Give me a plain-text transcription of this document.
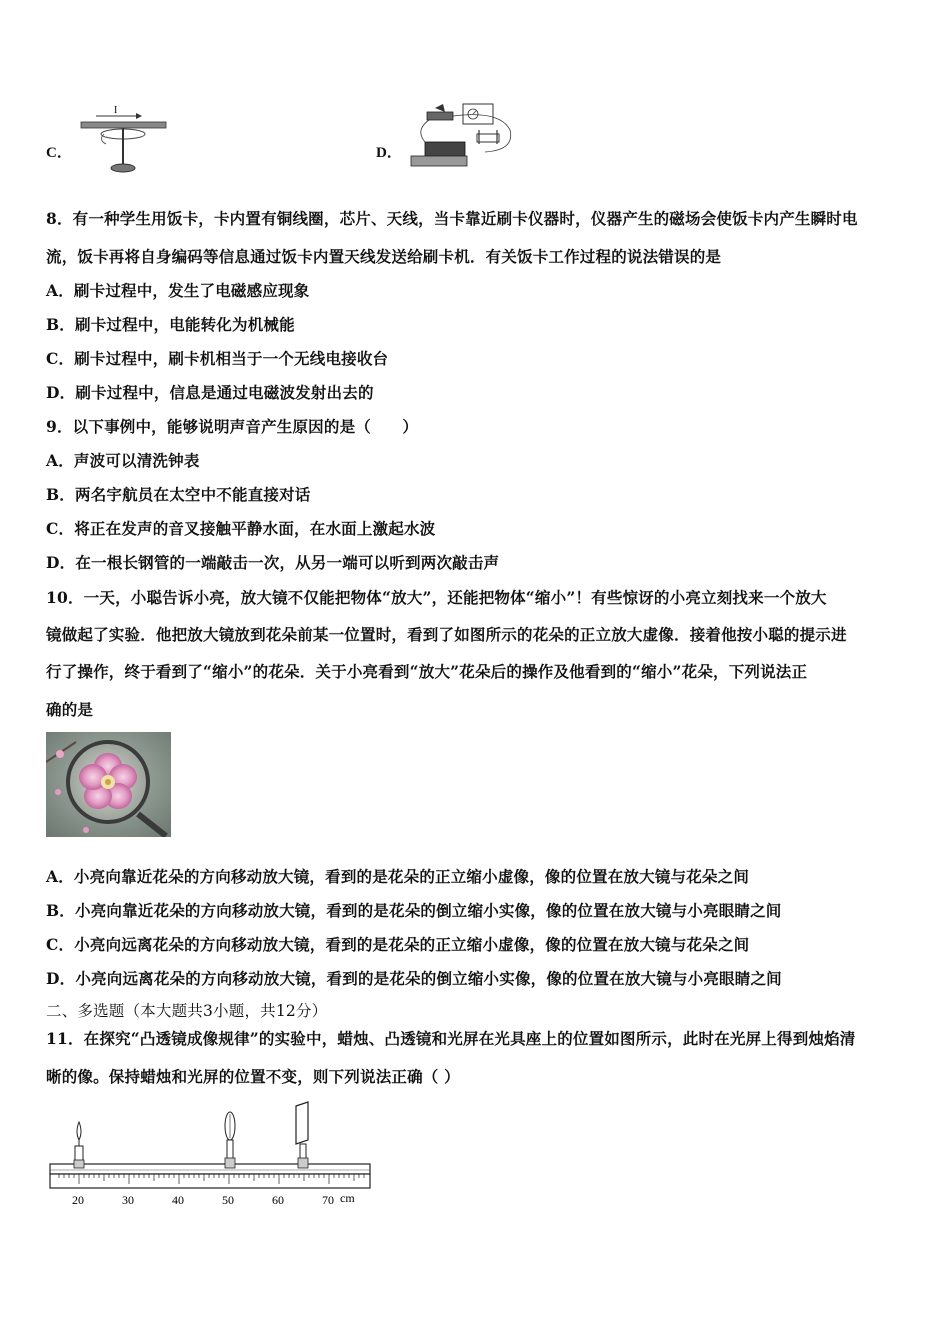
C．
I
D．
8．有一种学生用饭卡，卡内置有铜线圈，芯片、天线，当卡靠近刷卡仪器时，仪器产生的磁场会使饭卡内产生瞬时电
流，饭卡再将自身编码等信息通过饭卡内置天线发送给刷卡机．有关饭卡工作过程的说法错误的是
A．刷卡过程中，发生了电磁感应现象
B．刷卡过程中，电能转化为机械能
C．刷卡过程中，刷卡机相当于一个无线电接收台
D．刷卡过程中，信息是通过电磁波发射出去的
9．以下事例中，能够说明声音产生原因的是（　　）
A．声波可以清洗钟表
B．两名宇航员在太空中不能直接对话
C．将正在发声的音叉接触平静水面，在水面上激起水波
D．在一根长钢管的一端敲击一次，从另一端可以听到两次敲击声
10．一天，小聪告诉小亮，放大镜不仅能把物体“放大”，还能把物体“缩小”！有些惊讶的小亮立刻找来一个放大
镜做起了实验．他把放大镜放到花朵前某一位置时，看到了如图所示的花朵的正立放大虚像．接着他按小聪的提示进
行了操作，终于看到了“缩小”的花朵．关于小亮看到“放大”花朵后的操作及他看到的“缩小”花朵，下列说法正
确的是
A．小亮向靠近花朵的方向移动放大镜，看到的是花朵的正立缩小虚像，像的位置在放大镜与花朵之间
B．小亮向靠近花朵的方向移动放大镜，看到的是花朵的倒立缩小实像，像的位置在放大镜与小亮眼睛之间
C．小亮向远离花朵的方向移动放大镜，看到的是花朵的正立缩小虚像，像的位置在放大镜与花朵之间
D．小亮向远离花朵的方向移动放大镜，看到的是花朵的倒立缩小实像，像的位置在放大镜与小亮眼睛之间
二、多选题（本大题共3小题，共12分）
11．在探究“凸透镜成像规律”的实验中，蜡烛、凸透镜和光屏在光具座上的位置如图所示，此时在光屏上得到烛焰清
晰的像。保持蜡烛和光屏的位置不变，则下列说法正确（ ）
20	30	40	50	60	70 cm
